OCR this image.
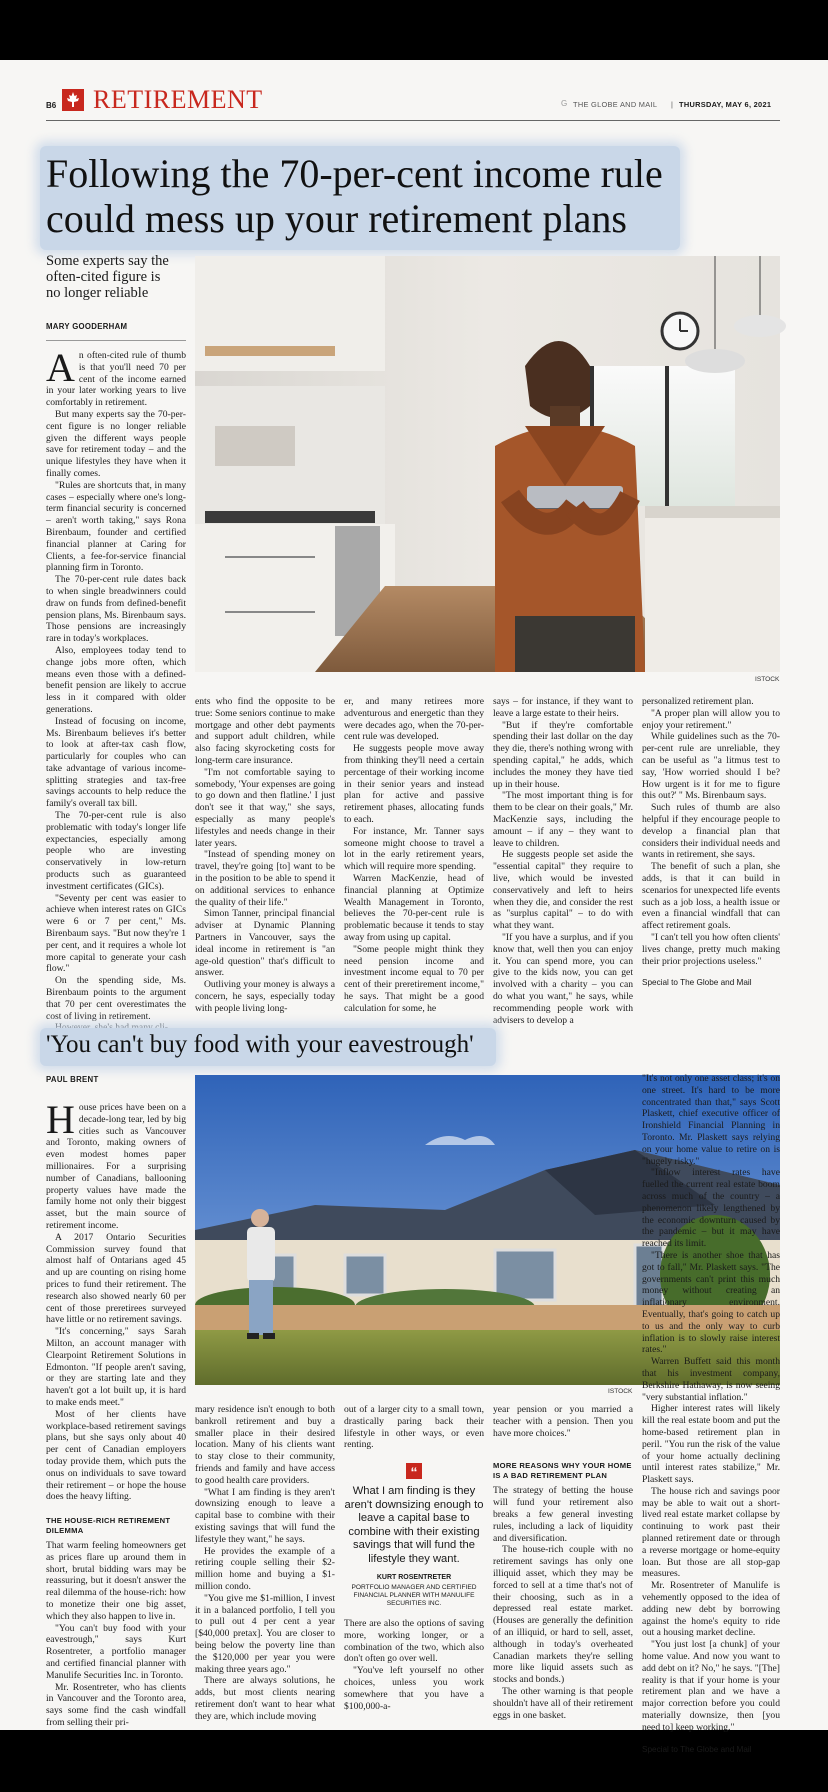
B6 RETIREMENT	G THE GLOBE AND MAIL | THURSDAY, MAY 6, 2021
Following the 70-per-cent income rule could mess up your retirement plans
Some experts say the often-cited figure is no longer reliable
MARY GOODERHAM
ISTOCK
A n often-cited rule of thumb is that you'll need 70 per cent of the income earned in your later working years to live comfortably in retirement.

But many experts say the 70-per-cent figure is no longer reliable given the different ways people save for retirement today – and the unique lifestyles they have when it finally comes.

"Rules are shortcuts that, in many cases – especially where one's long-term financial security is concerned – aren't worth taking," says Rona Birenbaum, founder and certified financial planner at Caring for Clients, a fee-for-service financial planning firm in Toronto.

The 70-per-cent rule dates back to when single breadwinners could draw on funds from defined-benefit pension plans, Ms. Birenbaum says. Those pensions are increasingly rare in today's workplaces.

Also, employees today tend to change jobs more often, which means even those with a defined-benefit pension are likely to accrue less in it compared with older generations.

Instead of focusing on income, Ms. Birenbaum believes it's better to look at after-tax cash flow, particularly for couples who can take advantage of various income-splitting strategies and tax-free savings accounts to help reduce the family's overall tax bill.

The 70-per-cent rule is also problematic with today's longer life expectancies, especially among people who are investing conservatively in low-return products such as guaranteed investment certificates (GICs).

"Seventy per cent was easier to achieve when interest rates on GICs were 6 or 7 per cent," Ms. Birenbaum says. "But now they're 1 per cent, and it requires a whole lot more capital to generate your cash flow."

On the spending side, Ms. Birenbaum points to the argument that 70 per cent overestimates the cost of living in retirement.

ents who find the opposite to be true: Some seniors continue to make mortgage and other debt payments and support adult children, while also facing skyrocketing costs for long-term care insurance.

"I'm not comfortable saying to somebody, 'Your expenses are going to go down and then flatline.' I just don't see it that way," she says, especially as many people's lifestyles and needs change in their later years.

"Instead of spending money on travel, they're going [to] want to be in the position to be able to spend it on additional services to enhance the quality of their life."

Simon Tanner, principal financial adviser at Dynamic Planning Partners in Vancouver, says the ideal income in retirement is "an age-old question" that's difficult to answer.

Outliving your money is always a concern, he says, especially today with people living long-

er, and many retirees more adventurous and energetic than they were decades ago, when the 70-per-cent rule was developed.

He suggests people move away from thinking they'll need a certain percentage of their working income in their senior years and instead plan for active and passive retirement phases, allocating funds to each.

For instance, Mr. Tanner says someone might choose to travel a lot in the early retirement years, which will require more spending.

Warren MacKenzie, head of financial planning at Optimize Wealth Management in Toronto, believes the 70-per-cent rule is problematic because it tends to stay away from using up capital.

"Some people might think they need pension income and investment income equal to 70 per cent of their preretirement income," he says. That might be a good calculation for some, he

says – for instance, if they want to leave a large estate to their heirs.

"But if they're comfortable spending their last dollar on the day they die, there's nothing wrong with spending capital," he adds, which includes the money they have tied up in their house.

"The most important thing is for them to be clear on their goals," Mr. MacKenzie says, including the amount – if any – they want to leave to children.

He suggests people set aside the "essential capital" they require to live, which would be invested conservatively and left to heirs when they die, and consider the rest as "surplus capital" – to do with what they want.

"If you have a surplus, and if you know that, well then you can enjoy it. You can spend more, you can give to the kids now, you can get involved with a charity – you can do what you want," he says, while recommending people work with advisers to develop a

personalized retirement plan.

"A proper plan will allow you to enjoy your retirement."

While guidelines such as the 70-per-cent rule are unreliable, they can be useful as "a litmus test to say, 'How worried should I be? How urgent is it for me to figure this out?' " Ms. Birenbaum says.

Such rules of thumb are also helpful if they encourage people to develop a financial plan that considers their individual needs and wants in retirement, she says.

The benefit of such a plan, she adds, is that it can build in scenarios for unexpected life events such as a job loss, a health issue or even a financial windfall that can affect retirement goals.

"I can't tell you how often clients' lives change, pretty much making their prior projections useless."

Special to The Globe and Mail

'You can't buy food with your eavestrough'
PAUL BRENT
ISTOCK
H ouse prices have been on a decade-long tear, led by big cities such as Vancouver and Toronto, making owners of even modest homes paper millionaires. For a surprising number of Canadians, ballooning property values have made the family home not only their biggest asset, but the main source of retirement income.

A 2017 Ontario Securities Commission survey found that almost half of Ontarians aged 45 and up are counting on rising home prices to fund their retirement. The research also showed nearly 60 per cent of those preretirees surveyed have little or no retirement savings.

"It's concerning," says Sarah Milton, an account manager with Clearpoint Retirement Solutions in Edmonton. "If people aren't saving, or they are starting late and they haven't got a lot built up, it is hard to make ends meet."

Most of her clients have workplace-based retirement savings plans, but she says only about 40 per cent of Canadian employers today provide them, which puts the onus on individuals to save toward their retirement – or hope the house does the heavy lifting.

THE HOUSE-RICH RETIREMENT DILEMMA

That warm feeling homeowners get as prices flare up around them in short, brutal bidding wars may be reassuring, but it doesn't answer the real dilemma of the house-rich: how to monetize their one big asset, which they also happen to live in.

"You can't buy food with your eavestrough," says Kurt Rosentreter, a portfolio manager and certified financial planner with Manulife Securities Inc. in Toronto.

Mr. Rosentreter, who has clients in Vancouver and the Toronto area, says some find the cash windfall from selling their pri-

mary residence isn't enough to both bankroll retirement and buy a smaller place in their desired location. Many of his clients want to stay close to their community, friends and family and have access to good health care providers.

"What I am finding is they aren't downsizing enough to leave a capital base to combine with their existing savings that will fund the lifestyle they want," he says.

He provides the example of a retiring couple selling their $2-million home and buying a $1-million condo.

"You give me $1-million, I invest it in a balanced portfolio, I tell you to pull out 4 per cent a year [$40,000 pretax]. You are closer to being below the poverty line than the $120,000 per year you were making three years ago."

There are always solutions, he adds, but most clients nearing retirement don't want to hear what they are, which include moving

out of a larger city to a small town, drastically paring back their lifestyle in other ways, or even renting.

“
What I am finding is they aren't downsizing enough to leave a capital base to combine with their existing savings that will fund the lifestyle they want.
KURT ROSENTRETER
PORTFOLIO MANAGER AND CERTIFIED FINANCIAL PLANNER WITH MANULIFE SECURITIES INC.

There are also the options of saving more, working longer, or a combination of the two, which also don't often go over well.

"You've left yourself no other choices, unless you work somewhere that you have a $100,000-a-

year pension or you married a teacher with a pension. Then you have more choices."

MORE REASONS WHY YOUR HOME IS A BAD RETIREMENT PLAN

The strategy of betting the house will fund your retirement also breaks a few general investing rules, including a lack of liquidity and diversification.

The house-rich couple with no retirement savings has only one illiquid asset, which they may be forced to sell at a time that's not of their choosing, such as in a depressed real estate market. (Houses are generally the definition of an illiquid, or hard to sell, asset, although in today's overheated Canadian markets they're selling more like liquid assets such as stocks and bonds.)

The other warning is that people shouldn't have all of their retirement eggs in one basket.

"It's not only one asset class; it's on one street. It's hard to be more concentrated than that," says Scott Plaskett, chief executive officer of Ironshield Financial Planning in Toronto. Mr. Plaskett says relying on your home value to retire on is "hugely risky."

"Inflow interest rates have fuelled the current real estate boom across much of the country – a phenomenon likely lengthened by the economic downturn caused by the pandemic – but it may have reached its limit.

"There is another shoe that has got to fall," Mr. Plaskett says. "The governments can't print this much money without creating an inflationary environment. Eventually, that's going to catch up to us and the only way to curb inflation is to slowly raise interest rates."

Warren Buffett said this month that his investment company, Berkshire Hathaway, is now seeing "very substantial inflation."

Higher interest rates will likely kill the real estate boom and put the home-based retirement plan in peril. "You run the risk of the value of your home actually declining until interest rates stabilize," Mr. Plaskett says.

The house rich and savings poor may be able to wait out a short-lived real estate market collapse by continuing to work past their planned retirement date or through a reverse mortgage or home-equity loan. But those are all stop-gap measures.

Mr. Rosentreter of Manulife is vehemently opposed to the idea of adding new debt by borrowing against the home's equity to ride out a housing market decline.

"You just lost [a chunk] of your home value. And now you want to add debt on it? No," he says. "[The] reality is that if your home is your retirement plan and we have a major correction before you could materially downsize, then [you need to] keep working."

Special to The Globe and Mail
